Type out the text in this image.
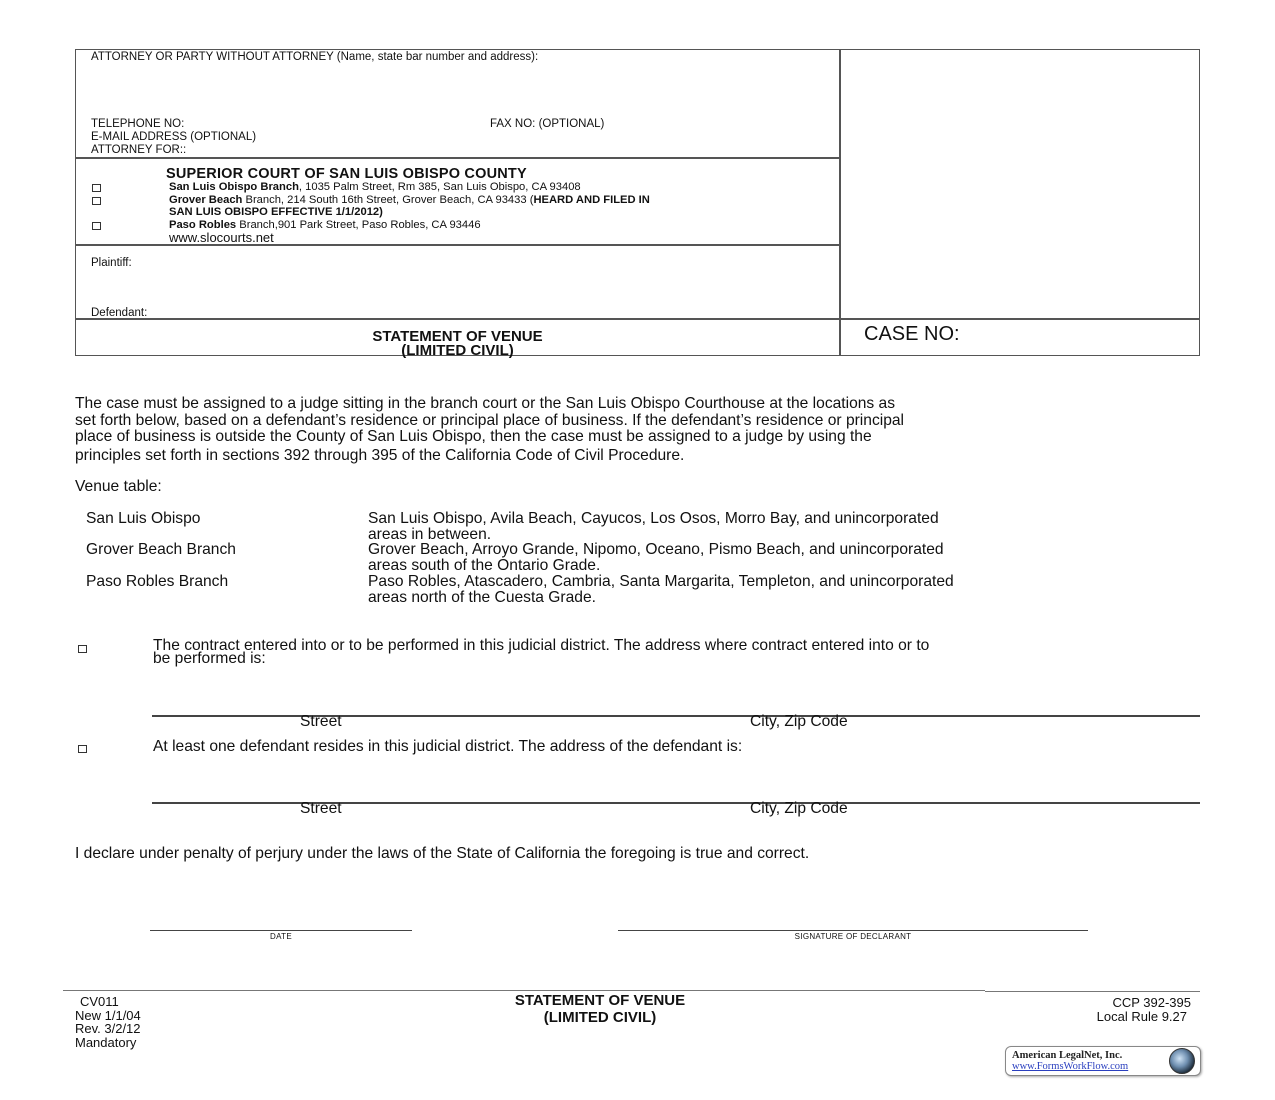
ATTORNEY OR PARTY WITHOUT ATTORNEY (Name, state bar number and address):
TELEPHONE NO:	FAX NO: (OPTIONAL)
E-MAIL ADDRESS (OPTIONAL)
ATTORNEY FOR::
SUPERIOR COURT OF SAN LUIS OBISPO COUNTY
San Luis Obispo Branch, 1035 Palm Street, Rm 385, San Luis Obispo, CA 93408
Grover Beach Branch, 214 South 16th Street, Grover Beach, CA 93433 (HEARD AND FILED IN
SAN LUIS OBISPO EFFECTIVE 1/1/2012)
Paso Robles Branch,901 Park Street, Paso Robles, CA 93446
www.slocourts.net
Plaintiff:
Defendant:
STATEMENT OF VENUE
(LIMITED CIVIL)
CASE NO:
The case must be assigned to a judge sitting in the branch court or the San Luis Obispo Courthouse at the locations as
set forth below, based on a defendant’s residence or principal place of business. If the defendant’s residence or principal
place of business is outside the County of San Luis Obispo, then the case must be assigned to a judge by using the
principles set forth in sections 392 through 395 of the California Code of Civil Procedure.
Venue table:
San Luis Obispo	San Luis Obispo, Avila Beach, Cayucos, Los Osos, Morro Bay, and unincorporated
areas in between.
Grover Beach Branch	Grover Beach, Arroyo Grande, Nipomo, Oceano, Pismo Beach, and unincorporated
areas south of the Ontario Grade.
Paso Robles Branch	Paso Robles, Atascadero, Cambria, Santa Margarita, Templeton, and unincorporated
areas north of the Cuesta Grade.
The contract entered into or to be performed in this judicial district. The address where contract entered into or to
be performed is:
Street	City, Zip Code
At least one defendant resides in this judicial district. The address of the defendant is:
Street	City, Zip Code
I declare under penalty of perjury under the laws of the State of California the foregoing is true and correct.
DATE	SIGNATURE OF DECLARANT
CV011
New 1/1/04
Rev. 3/2/12
Mandatory
STATEMENT OF VENUE
(LIMITED CIVIL)
CCP 392-395
Local Rule 9.27
American LegalNet, Inc.
www.FormsWorkFlow.com
